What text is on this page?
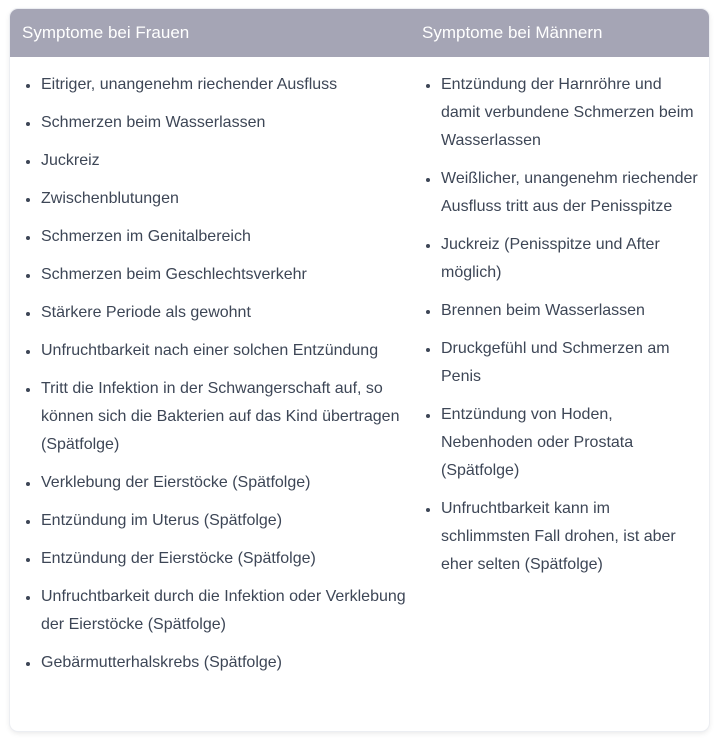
Symptome bei Frauen	Symptome bei Männern
Eitriger, unangenehm riechender Ausfluss
Schmerzen beim Wasserlassen
Juckreiz
Zwischenblutungen
Schmerzen im Genitalbereich
Schmerzen beim Geschlechtsverkehr
Stärkere Periode als gewohnt
Unfruchtbarkeit nach einer solchen Entzündung
Tritt die Infektion in der Schwangerschaft auf, so können sich die Bakterien auf das Kind übertragen (Spätfolge)
Verklebung der Eierstöcke (Spätfolge)
Entzündung im Uterus (Spätfolge)
Entzündung der Eierstöcke (Spätfolge)
Unfruchtbarkeit durch die Infektion oder Verklebung der Eierstöcke (Spätfolge)
Gebärmutterhalskrebs (Spätfolge)
Entzündung der Harnröhre und damit verbundene Schmerzen beim Wasserlassen
Weißlicher, unangenehm riechender Ausfluss tritt aus der Penisspitze
Juckreiz (Penisspitze und After möglich)
Brennen beim Wasserlassen
Druckgefühl und Schmerzen am Penis
Entzündung von Hoden, Nebenhoden oder Prostata (Spätfolge)
Unfruchtbarkeit kann im schlimmsten Fall drohen, ist aber eher selten (Spätfolge)
